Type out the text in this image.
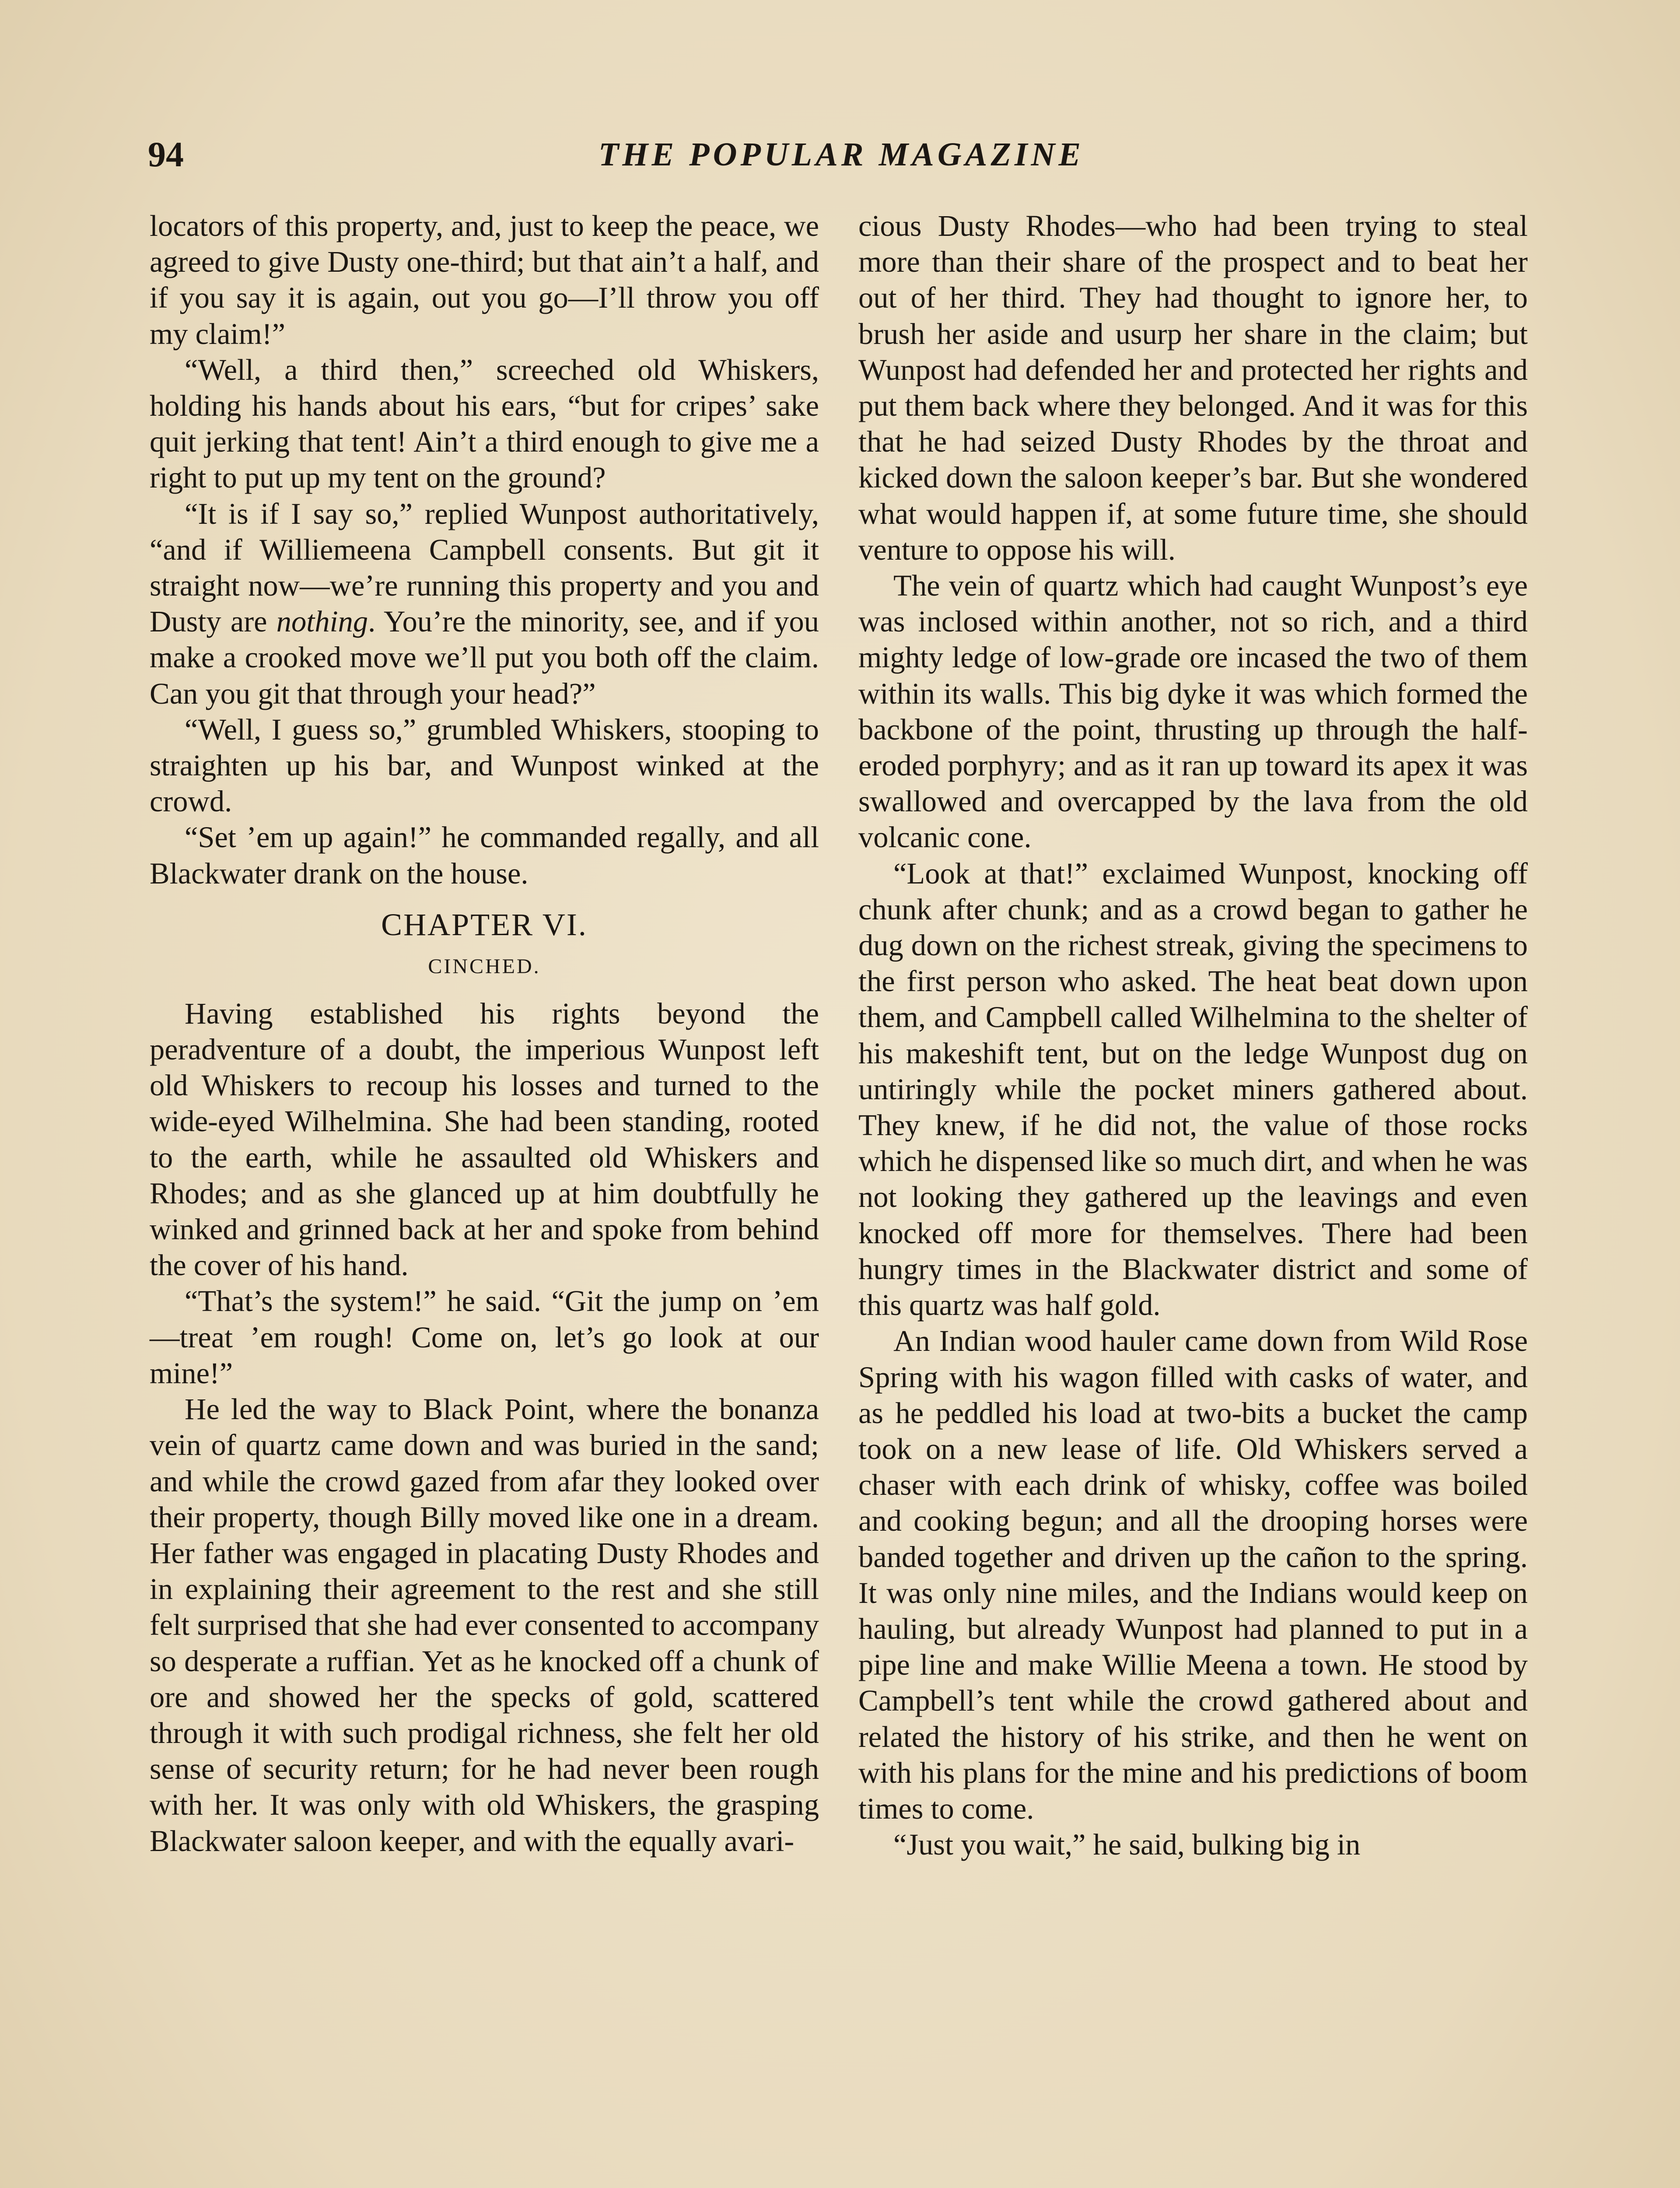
94	THE POPULAR MAGAZINE

locators of this property, and, just to keep the peace, we agreed to give Dusty one-third; but that ain’t a half, and if you say it is again, out you go—I’ll throw you off my claim!”

“Well, a third then,” screeched old Whiskers, holding his hands about his ears, “but for cripes’ sake quit jerking that tent! Ain’t a third enough to give me a right to put up my tent on the ground?

“It is if I say so,” replied Wunpost authoritatively, “and if Williemeena Campbell consents. But git it straight now—we’re running this property and you and Dusty are nothing. You’re the minority, see, and if you make a crooked move we’ll put you both off the claim. Can you git that through your head?”

“Well, I guess so,” grumbled Whiskers, stooping to straighten up his bar, and Wunpost winked at the crowd.

“Set ’em up again!” he commanded regally, and all Blackwater drank on the house.

CHAPTER VI.
CINCHED.

Having established his rights beyond the peradventure of a doubt, the imperious Wunpost left old Whiskers to recoup his losses and turned to the wide-eyed Wilhelmina. She had been standing, rooted to the earth, while he assaulted old Whiskers and Rhodes; and as she glanced up at him doubtfully he winked and grinned back at her and spoke from behind the cover of his hand.

“That’s the system!” he said. “Git the jump on ’em—treat ’em rough! Come on, let’s go look at our mine!”

He led the way to Black Point, where the bonanza vein of quartz came down and was buried in the sand; and while the crowd gazed from afar they looked over their property, though Billy moved like one in a dream. Her father was engaged in placating Dusty Rhodes and in explaining their agreement to the rest and she still felt surprised that she had ever consented to accompany so desperate a ruffian. Yet as he knocked off a chunk of ore and showed her the specks of gold, scattered through it with such prodigal richness, she felt her old sense of security return; for he had never been rough with her. It was only with old Whiskers, the grasping Blackwater saloon keeper, and with the equally avari-

cious Dusty Rhodes—who had been trying to steal more than their share of the prospect and to beat her out of her third. They had thought to ignore her, to brush her aside and usurp her share in the claim; but Wunpost had defended her and protected her rights and put them back where they belonged. And it was for this that he had seized Dusty Rhodes by the throat and kicked down the saloon keeper’s bar. But she wondered what would happen if, at some future time, she should venture to oppose his will.

The vein of quartz which had caught Wunpost’s eye was inclosed within another, not so rich, and a third mighty ledge of low-grade ore incased the two of them within its walls. This big dyke it was which formed the backbone of the point, thrusting up through the half-eroded porphyry; and as it ran up toward its apex it was swallowed and overcapped by the lava from the old volcanic cone.

“Look at that!” exclaimed Wunpost, knocking off chunk after chunk; and as a crowd began to gather he dug down on the richest streak, giving the specimens to the first person who asked. The heat beat down upon them, and Campbell called Wilhelmina to the shelter of his makeshift tent, but on the ledge Wunpost dug on untiringly while the pocket miners gathered about. They knew, if he did not, the value of those rocks which he dispensed like so much dirt, and when he was not looking they gathered up the leavings and even knocked off more for themselves. There had been hungry times in the Blackwater district and some of this quartz was half gold.

An Indian wood hauler came down from Wild Rose Spring with his wagon filled with casks of water, and as he peddled his load at two-bits a bucket the camp took on a new lease of life. Old Whiskers served a chaser with each drink of whisky, coffee was boiled and cooking begun; and all the drooping horses were banded together and driven up the cañon to the spring. It was only nine miles, and the Indians would keep on hauling, but already Wunpost had planned to put in a pipe line and make Willie Meena a town. He stood by Campbell’s tent while the crowd gathered about and related the history of his strike, and then he went on with his plans for the mine and his predictions of boom times to come.

“Just you wait,” he said, bulking big in
